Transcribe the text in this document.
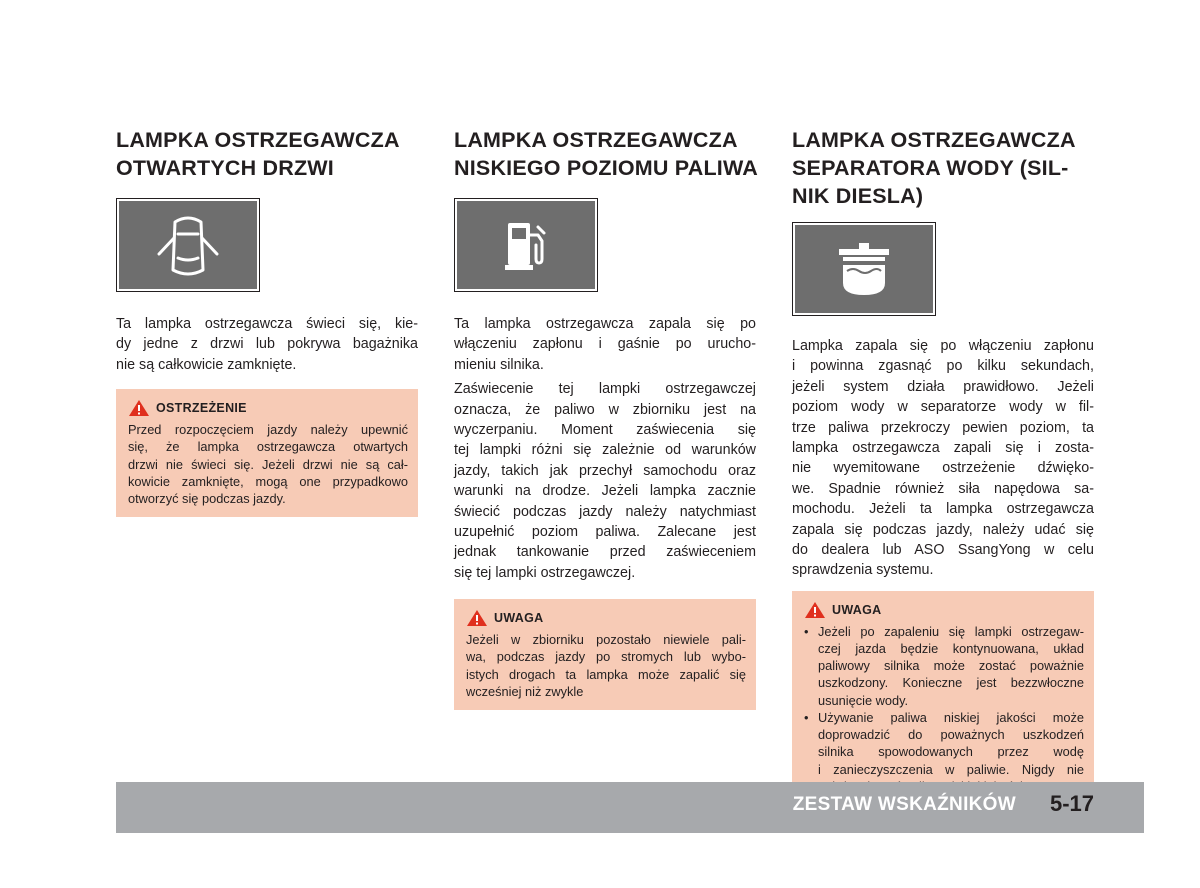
LAMPKA OSTRZEGAWCZA
OTWARTYCH DRZWI

Ta lampka ostrzegawcza świeci się, kie-
dy jedne z drzwi lub pokrywa bagażnika
nie są całkowicie zamknięte.

OSTRZEŻENIE
Przed rozpoczęciem jazdy należy upewnić
się, że lampka ostrzegawcza otwartych
drzwi nie świeci się. Jeżeli drzwi nie są cał-
kowicie zamknięte, mogą one przypadkowo
otworzyć się podczas jazdy.
LAMPKA OSTRZEGAWCZA
NISKIEGO POZIOMU PALIWA

Ta lampka ostrzegawcza zapala się po
włączeniu zapłonu i gaśnie po urucho-
mieniu silnika.

Zaświecenie tej lampki ostrzegawczej
oznacza, że paliwo w zbiorniku jest na
wyczerpaniu. Moment zaświecenia się
tej lampki różni się zależnie od warunków
jazdy, takich jak przechył samochodu oraz
warunki na drodze. Jeżeli lampka zacznie
świecić podczas jazdy należy natychmiast
uzupełnić poziom paliwa. Zalecane jest
jednak tankowanie przed zaświeceniem
się tej lampki ostrzegawczej.

UWAGA
Jeżeli w zbiorniku pozostało niewiele pali-
wa, podczas jazdy po stromych lub wybo-
istych drogach ta lampka może zapalić się
wcześniej niż zwykle
LAMPKA OSTRZEGAWCZA
SEPARATORA WODY (SIL-
NIK DIESLA)

Lampka zapala się po włączeniu zapłonu
i powinna zgasnąć po kilku sekundach,
jeżeli system działa prawidłowo. Jeżeli
poziom wody w separatorze wody w fil-
trze paliwa przekroczy pewien poziom, ta
lampka ostrzegawcza zapali się i zosta-
nie wyemitowane ostrzeżenie dźwięko-
we. Spadnie również siła napędowa sa-
mochodu. Jeżeli ta lampka ostrzegawcza
zapala się podczas jazdy, należy udać się
do dealera lub ASO SsangYong w celu
sprawdzenia systemu.

UWAGA
• Jeżeli po zapaleniu się lampki ostrzegaw-
czej jazda będzie kontynuowana, układ
paliwowy silnika może zostać poważnie
uszkodzony. Konieczne jest bezzwłoczne
usunięcie wody.
• Używanie paliwa niskiej jakości może
doprowadzić do poważnych uszkodzeń
silnika spowodowanych przez wodę
i zanieczyszczenia w paliwie. Nigdy nie
ZESTAW WSKAŹNIKÓW 5-17
